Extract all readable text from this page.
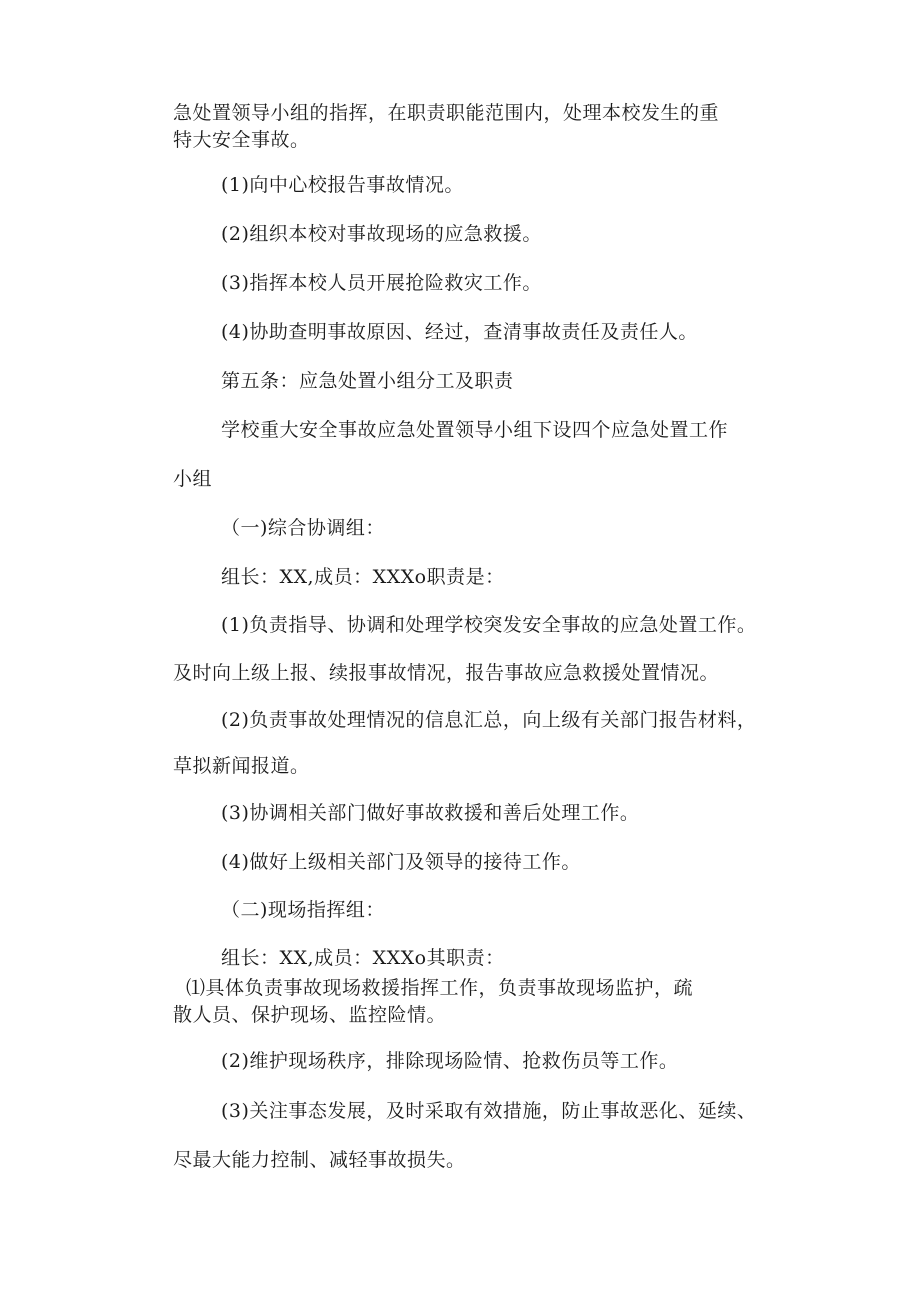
急处置领导小组的指挥，在职责职能范围内，处理本校发生的重
特大安全事故。
(1)向中心校报告事故情况。
(2)组织本校对事故现场的应急救援。
(3)指挥本校人员开展抢险救灾工作。
(4)协助查明事故原因、经过，查清事故责任及责任人。
第五条：应急处置小组分工及职责
学校重大安全事故应急处置领导小组下设四个应急处置工作
小组
（一)综合协调组：
组长：XX,成员：XXXo职责是：
(1)负责指导、协调和处理学校突发安全事故的应急处置工作。
及时向上级上报、续报事故情况，报告事故应急救援处置情况。
(2)负责事故处理情况的信息汇总，向上级有关部门报告材料，
草拟新闻报道。
(3)协调相关部门做好事故救援和善后处理工作。
(4)做好上级相关部门及领导的接待工作。
（二)现场指挥组：
组长：XX,成员：XXXo其职责：
⑴具体负责事故现场救援指挥工作，负责事故现场监护，疏
散人员、保护现场、监控险情。
(2)维护现场秩序，排除现场险情、抢救伤员等工作。
(3)关注事态发展，及时采取有效措施，防止事故恶化、延续、
尽最大能力控制、减轻事故损失。
